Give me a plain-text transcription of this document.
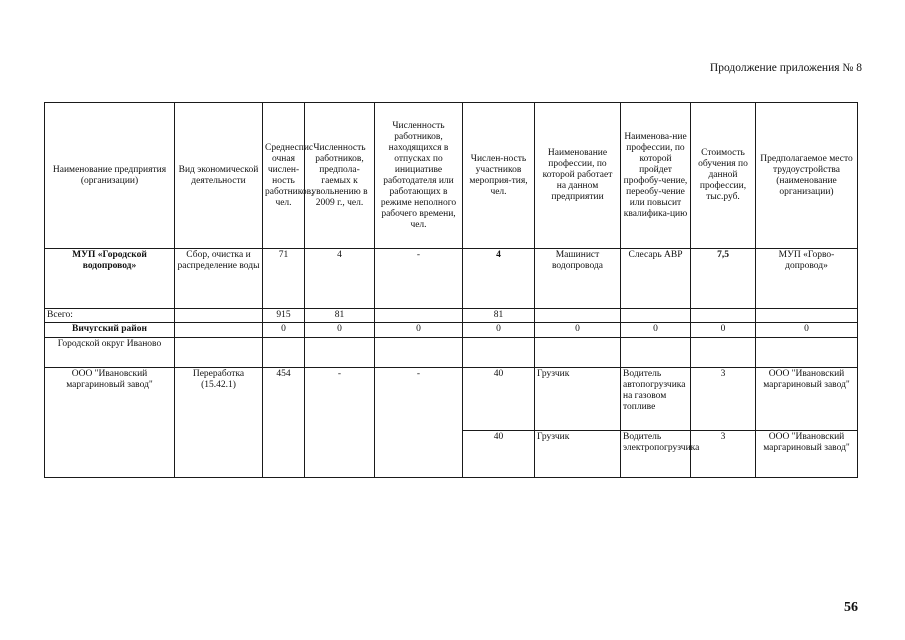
Продолжение приложения № 8
Наименование предприятия (организации)	Вид экономической деятельности	Среднеспис очная числен-ность работников, чел.	Численность работников, предпола-гаемых к увольнению в 2009 г., чел.	Численность работников, находящихся в отпусках по инициативе работодателя или работающих в режиме неполного рабочего времени, чел.	Числен-ность участников мероприя-тия, чел.	Наименование профессии, по которой работает на данном предприятии	Наименова-ние профессии, по которой пройдет профобу-чение, переобу-чение или повысит квалифика-цию	Стоимость обучения по данной профессии, тыс.руб.	Предполагаемое место трудоустройства (наименование организации)
МУП «Городской водопровод»	Сбор, очистка и распределение воды	71	4	-	4	Машинист водопровода	Слесарь АВР	7,5	МУП «Горво-допровод»
Всего:		915	81		81				
Вичугский район		0	0	0	0	0	0	0	0
Городской округ Иваново									
ООО "Ивановский маргариновый завод"	Переработка (15.42.1)	454	-	-	40	Грузчик	Водитель автопогрузчика на газовом топливе	3	ООО "Ивановский маргариновый завод"
					40	Грузчик	Водитель электропогрузчика	3	ООО "Ивановский маргариновый завод"
56
